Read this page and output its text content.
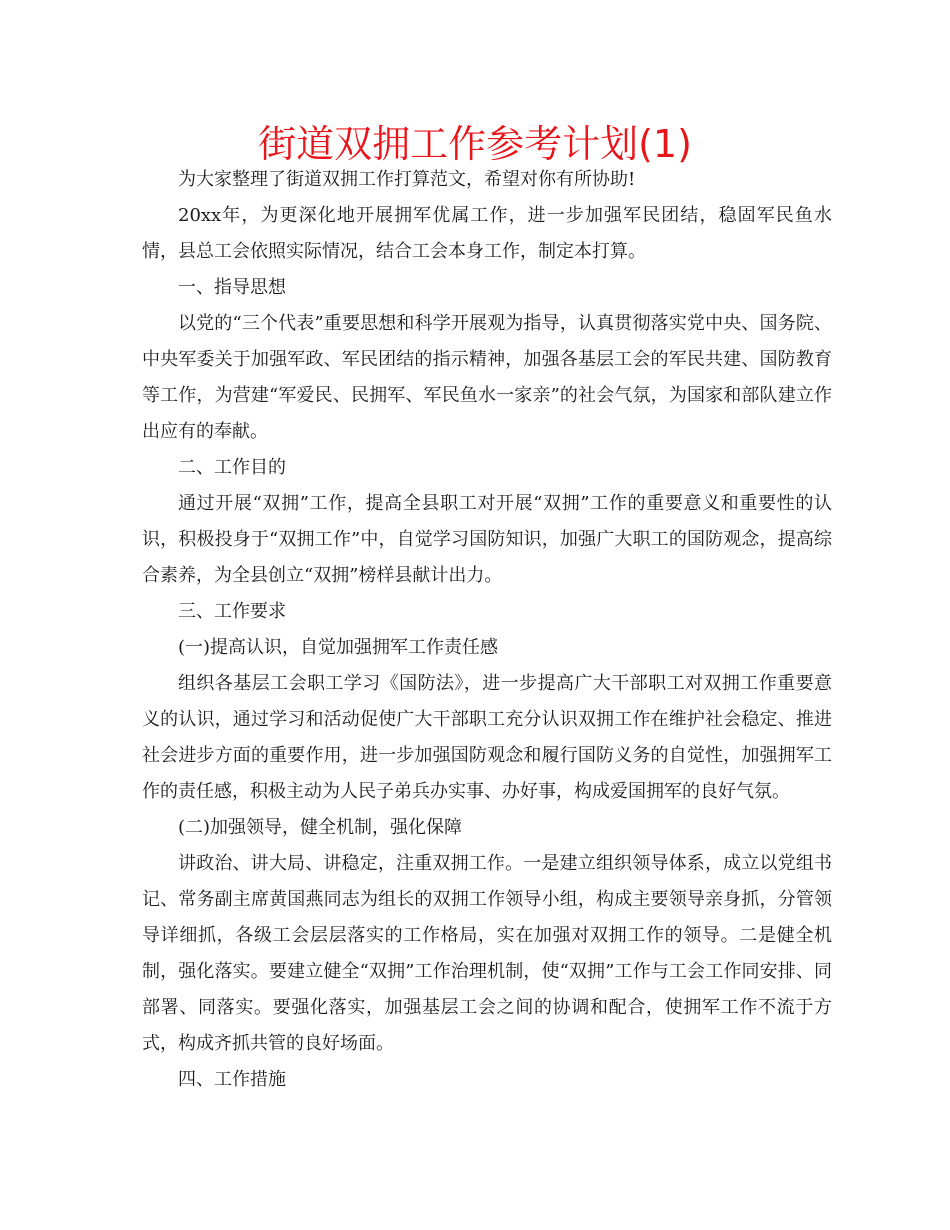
街道双拥工作参考计划(1)

为大家整理了街道双拥工作打算范文，希望对你有所协助!

20xx年，为更深化地开展拥军优属工作，进一步加强军民团结，稳固军民鱼水情，县总工会依照实际情况，结合工会本身工作，制定本打算。

一、指导思想

以党的“三个代表”重要思想和科学开展观为指导，认真贯彻落实党中央、国务院、中央军委关于加强军政、军民团结的指示精神，加强各基层工会的军民共建、国防教育等工作，为营建“军爱民、民拥军、军民鱼水一家亲”的社会气氛，为国家和部队建立作出应有的奉献。

二、工作目的

通过开展“双拥”工作，提高全县职工对开展“双拥”工作的重要意义和重要性的认识，积极投身于“双拥工作”中，自觉学习国防知识，加强广大职工的国防观念，提高综合素养，为全县创立“双拥”榜样县献计出力。

三、工作要求

(一)提高认识，自觉加强拥军工作责任感

组织各基层工会职工学习《国防法》，进一步提高广大干部职工对双拥工作重要意义的认识，通过学习和活动促使广大干部职工充分认识双拥工作在维护社会稳定、推进社会进步方面的重要作用，进一步加强国防观念和履行国防义务的自觉性，加强拥军工作的责任感，积极主动为人民子弟兵办实事、办好事，构成爱国拥军的良好气氛。

(二)加强领导，健全机制，强化保障

讲政治、讲大局、讲稳定，注重双拥工作。一是建立组织领导体系，成立以党组书记、常务副主席黄国燕同志为组长的双拥工作领导小组，构成主要领导亲身抓，分管领导详细抓，各级工会层层落实的工作格局，实在加强对双拥工作的领导。二是健全机制，强化落实。要建立健全“双拥”工作治理机制，使“双拥”工作与工会工作同安排、同部署、同落实。要强化落实，加强基层工会之间的协调和配合，使拥军工作不流于方式，构成齐抓共管的良好场面。

四、工作措施
